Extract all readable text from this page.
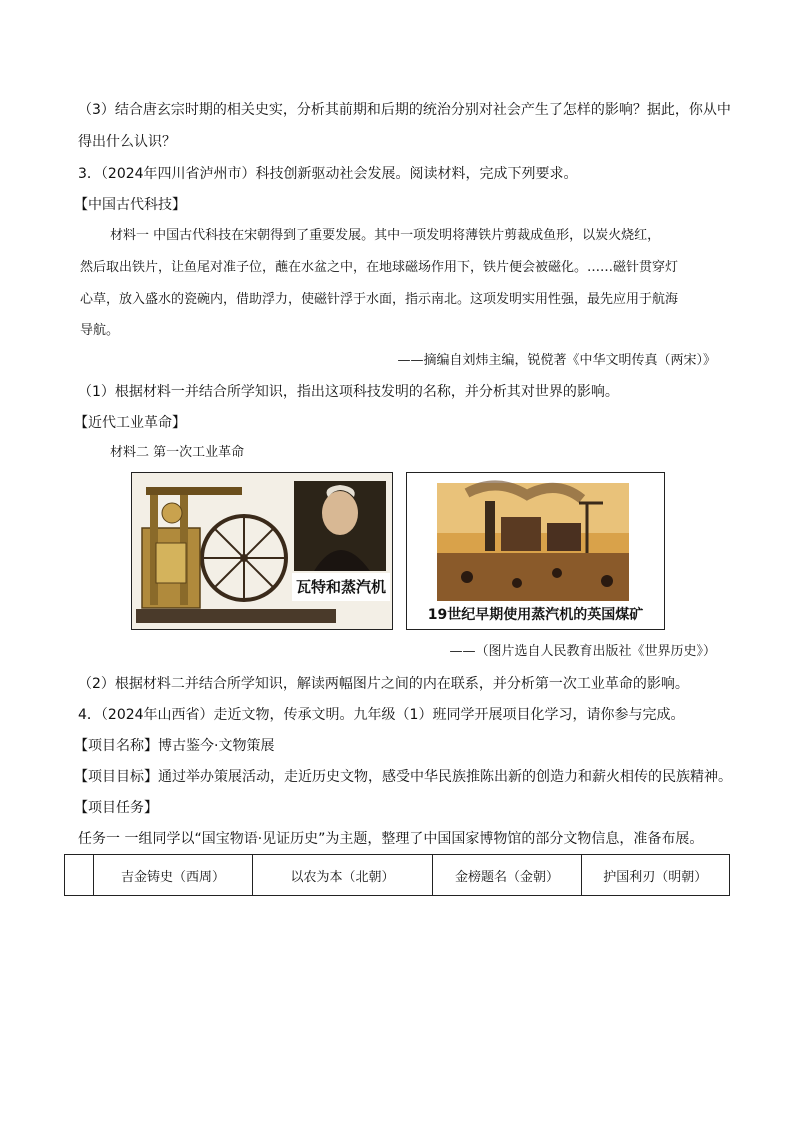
（3）结合唐玄宗时期的相关史实，分析其前期和后期的统治分别对社会产生了怎样的影响？据此，你从中
得出什么认识？
3．（2024年四川省泸州市）科技创新驱动社会发展。阅读材料，完成下列要求。
【中国古代科技】
材料一 中国古代科技在宋朝得到了重要发展。其中一项发明将薄铁片剪裁成鱼形，以炭火烧红，
然后取出铁片，让鱼尾对准子位，蘸在水盆之中，在地球磁场作用下，铁片便会被磁化。……磁针贯穿灯
心草，放入盛水的瓷碗内，借助浮力，使磁针浮于水面，指示南北。这项发明实用性强，最先应用于航海
导航。
——摘编自刘炜主编，锐傥著《中华文明传真（两宋）》
（1）根据材料一并结合所学知识，指出这项科技发明的名称，并分析其对世界的影响。
【近代工业革命】
材料二 第一次工业革命
瓦特和蒸汽机
19世纪早期使用蒸汽机的英国煤矿
——（图片选自人民教育出版社《世界历史》）
（2）根据材料二并结合所学知识，解读两幅图片之间的内在联系，并分析第一次工业革命的影响。
4．（2024年山西省）走近文物，传承文明。九年级（1）班同学开展项目化学习，请你参与完成。
【项目名称】博古鉴今·文物策展
【项目目标】通过举办策展活动，走近历史文物，感受中华民族推陈出新的创造力和薪火相传的民族精神。
【项目任务】
任务一 一组同学以“国宝物语·见证历史”为主题，整理了中国国家博物馆的部分文物信息，准备布展。
	吉金铸史（西周）	以农为本（北朝）	金榜题名（金朝）	护国利刃（明朝）
